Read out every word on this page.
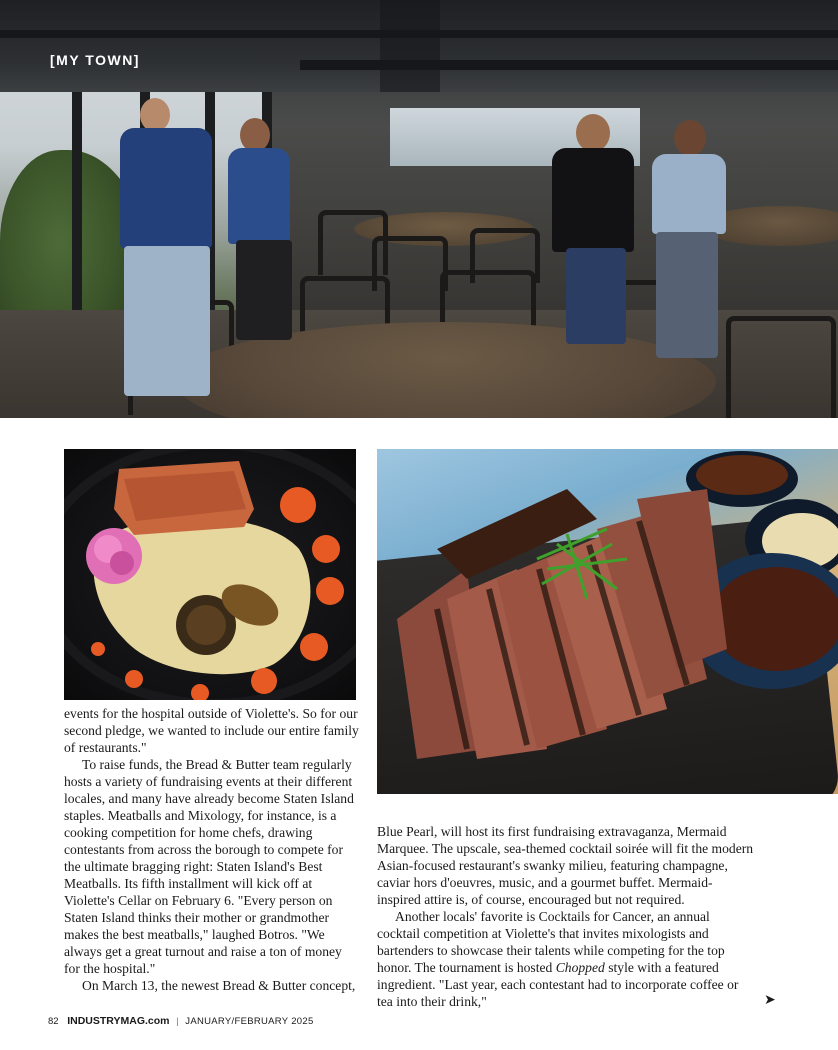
[MY TOWN]

events for the hospital outside of Violette's. So for our second pledge, we wanted to include our entire family of restaurants."

To raise funds, the Bread & Butter team regularly hosts a variety of fundraising events at their different locales, and many have already become Staten Island staples. Meatballs and Mixology, for instance, is a cooking competition for home chefs, drawing contestants from across the borough to compete for the ultimate bragging right: Staten Island's Best Meatballs. Its fifth installment will kick off at Violette's Cellar on February 6. "Every person on Staten Island thinks their mother or grandmother makes the best meatballs," laughed Botros. "We always get a great turnout and raise a ton of money for the hospital."

On March 13, the newest Bread & Butter concept,

Blue Pearl, will host its first fundraising extravaganza, Mermaid Marquee. The upscale, sea-themed cocktail soirée will fit the modern Asian-focused restaurant's swanky milieu, featuring champagne, caviar hors d'oeuvres, music, and a gourmet buffet. Mermaid-inspired attire is, of course, encouraged but not required.

Another locals' favorite is Cocktails for Cancer, an annual cocktail competition at Violette's that invites mixologists and bartenders to showcase their talents while competing for the top honor. The tournament is hosted Chopped style with a featured ingredient. "Last year, each contestant had to incorporate coffee or tea into their drink,"	➤
82 INDUSTRYMAG.com | JANUARY/FEBRUARY 2025
